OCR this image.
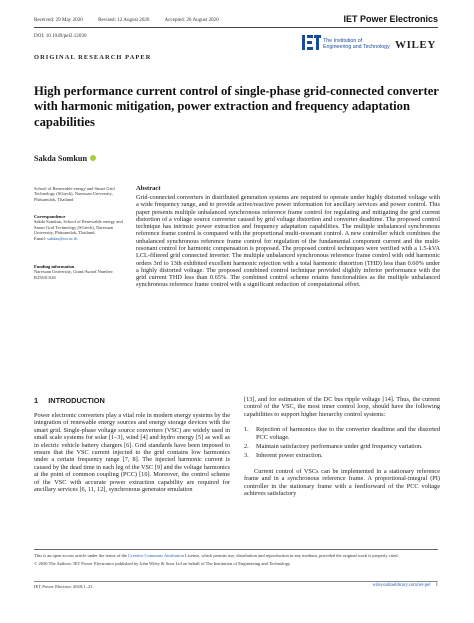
Received: 29 May 2020	Revised: 12 August 2020	Accepted: 26 August 2020	IET Power Electronics
DOI: 10.1049/pel2.12030
The Institution of
Engineering and Technology WILEY
ORIGINAL RESEARCH PAPER
High performance current control of single-phase grid-connected converter with harmonic mitigation, power extraction and frequency adaptation capabilities
Sakda Somkun
School of Renewable energy and Smart Grid Technology (SGtech), Naresuan University, Phitsanulok, Thailand
Correspondence
Sakda Somkun, School of Renewable energy and Smart Grid Technology (SGtech), Naresuan University, Phitsanulok, Thailand.
Email: sakdas@nu.ac.th
Funding information
Naresuan University, Grant/Award Number: R2563C026
Abstract
Grid-connected converters in distributed generation systems are required to operate under highly distorted voltage with a wide frequency range, and to provide active/reactive power information for ancillary services and power control. This paper presents multiple unbalanced synchronous reference frame control for regulating and mitigating the grid current distortion of a voltage source converter caused by grid voltage distortion and converter deadtime. The proposed control technique has intrinsic power extraction and frequency adaptation capabilities. The multiple unbalanced synchronous reference frame control is compared with the proportional multi-resonant control. A new controller which combines the unbalanced synchronous reference frame control for regulation of the fundamental component current and the multi-resonant control for harmonic compensation is proposed. The proposed control techniques were verified with a 1.5-kVA LCL-filtered grid connected inverter. The multiple unbalanced synchronous reference frame control with odd harmonic orders 3rd to 13th exhibited excellent harmonic rejection with a total harmonic distortion (THD) less than 0.60% under a highly distorted voltage. The proposed combined control technique provided slightly inferior performance with the grid current THD less than 0.65%. The combined control scheme retains functionalities as the multiple unbalanced synchronous reference frame control with a significant reduction of computational effort.
1 INTRODUCTION
Power electronic converters play a vital role in modern energy systems by the integration of renewable energy sources and energy storage devices with the smart grid. Single-phase voltage source converters (VSC) are widely used in small scale systems for solar [1–3], wind [4] and hydro energy [5] as well as in electric vehicle battery chargers [6]. Grid standards have been imposed to ensure that the VSC current injected to the grid contains low harmonics under a certain frequency range [7, 8]. The injected harmonic current is caused by the dead time in each leg of the VSC [9] and the voltage harmonics at the point of common coupling (PCC) [10]. Moreover, the control scheme of the VSC with accurate power extraction capability are required for ancillary services [6, 11, 12], synchronous generator emulation
[13], and for estimation of the DC bus ripple voltage [14]. Thus, the current control of the VSC, the most inner control loop, should have the following capabilities to support higher hierarchy control systems:
1. Rejection of harmonics due to the converter deadtime and the distorted PCC voltage.
2. Maintain satisfactory performance under grid frequency variation.
3. Inherent power extraction.
Current control of VSCs can be implemented in a stationary reference frame and in a synchronous reference frame. A proportional-integral (PI) controller in the stationary frame with a feedforward of the PCC voltage achieves satisfactory
This is an open access article under the terms of the Creative Commons Attribution License, which permits use, distribution and reproduction in any medium, provided the original work is properly cited.
© 2020 The Authors. IET Power Electronics published by John Wiley & Sons Ltd on behalf of The Institution of Engineering and Technology
IET Power Electron. 2020;1–21.	wileyonlinelibrary.com/iet-pel 1
